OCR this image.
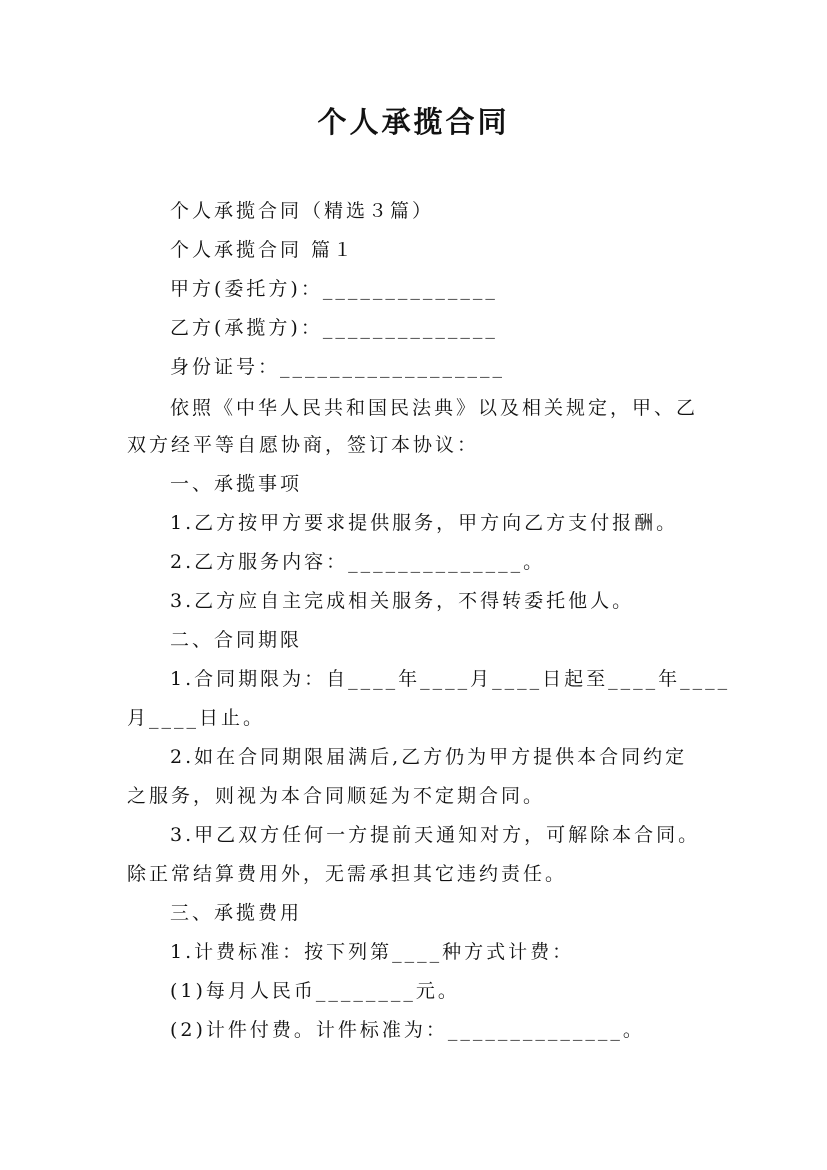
个人承揽合同
个人承揽合同（精选３篇）
个人承揽合同 篇１
甲方(委托方)：______________
乙方(承揽方)：______________
身份证号：__________________
依照《中华人民共和国民法典》以及相关规定，甲、乙
双方经平等自愿协商，签订本协议：
一、承揽事项
1.乙方按甲方要求提供服务，甲方向乙方支付报酬。
2.乙方服务内容：______________。
3.乙方应自主完成相关服务，不得转委托他人。
二、合同期限
1.合同期限为：自____年____月____日起至____年____
月____日止。
2.如在合同期限届满后,乙方仍为甲方提供本合同约定
之服务，则视为本合同顺延为不定期合同。
3.甲乙双方任何一方提前天通知对方，可解除本合同。
除正常结算费用外，无需承担其它违约责任。
三、承揽费用
1.计费标准：按下列第____种方式计费：
(1)每月人民币________元。
(2)计件付费。计件标准为：______________。
